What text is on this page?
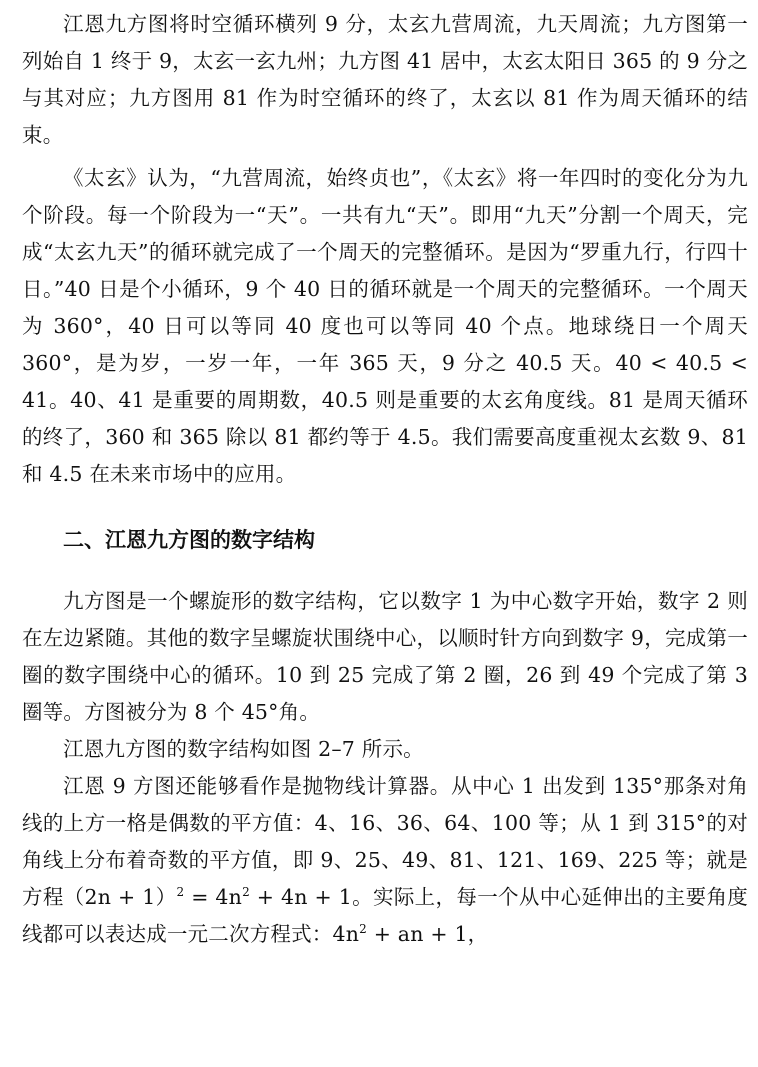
江恩九方图将时空循环横列 9 分，太玄九营周流，九天周流；九方图第一列始自 1 终于 9，太玄一玄九州；九方图 41 居中，太玄太阳日 365 的 9 分之与其对应；九方图用 81 作为时空循环的终了，太玄以 81 作为周天循环的结束。

《太玄》认为，“九营周流，始终贞也”，《太玄》将一年四时的变化分为九个阶段。每一个阶段为一“天”。一共有九“天”。即用“九天”分割一个周天，完成“太玄九天”的循环就完成了一个周天的完整循环。是因为“罗重九行，行四十日。”40 日是个小循环，9 个 40 日的循环就是一个周天的完整循环。一个周天为 360°，40 日可以等同 40 度也可以等同 40 个点。地球绕日一个周天 360°，是为岁，一岁一年，一年 365 天，9 分之 40.5 天。40 < 40.5 < 41。40、41 是重要的周期数，40.5 则是重要的太玄角度线。81 是周天循环的终了，360 和 365 除以 81 都约等于 4.5。我们需要高度重视太玄数 9、81 和 4.5 在未来市场中的应用。

二、江恩九方图的数字结构

九方图是一个螺旋形的数字结构，它以数字 1 为中心数字开始，数字 2 则在左边紧随。其他的数字呈螺旋状围绕中心，以顺时针方向到数字 9，完成第一圈的数字围绕中心的循环。10 到 25 完成了第 2 圈，26 到 49 个完成了第 3 圈等。方图被分为 8 个 45°角。

江恩九方图的数字结构如图 2–7 所示。

江恩 9 方图还能够看作是抛物线计算器。从中心 1 出发到 135°那条对角线的上方一格是偶数的平方值：4、16、36、64、100 等；从 1 到 315°的对角线上分布着奇数的平方值，即 9、25、49、81、121、169、225 等；就是方程$(2n + 1)^2 = 4n^2 + 4n + 1$。实际上，每一个从中心延伸出的主要角度线都可以表达成一元二次方程式：$4n^2$ + an + 1，
